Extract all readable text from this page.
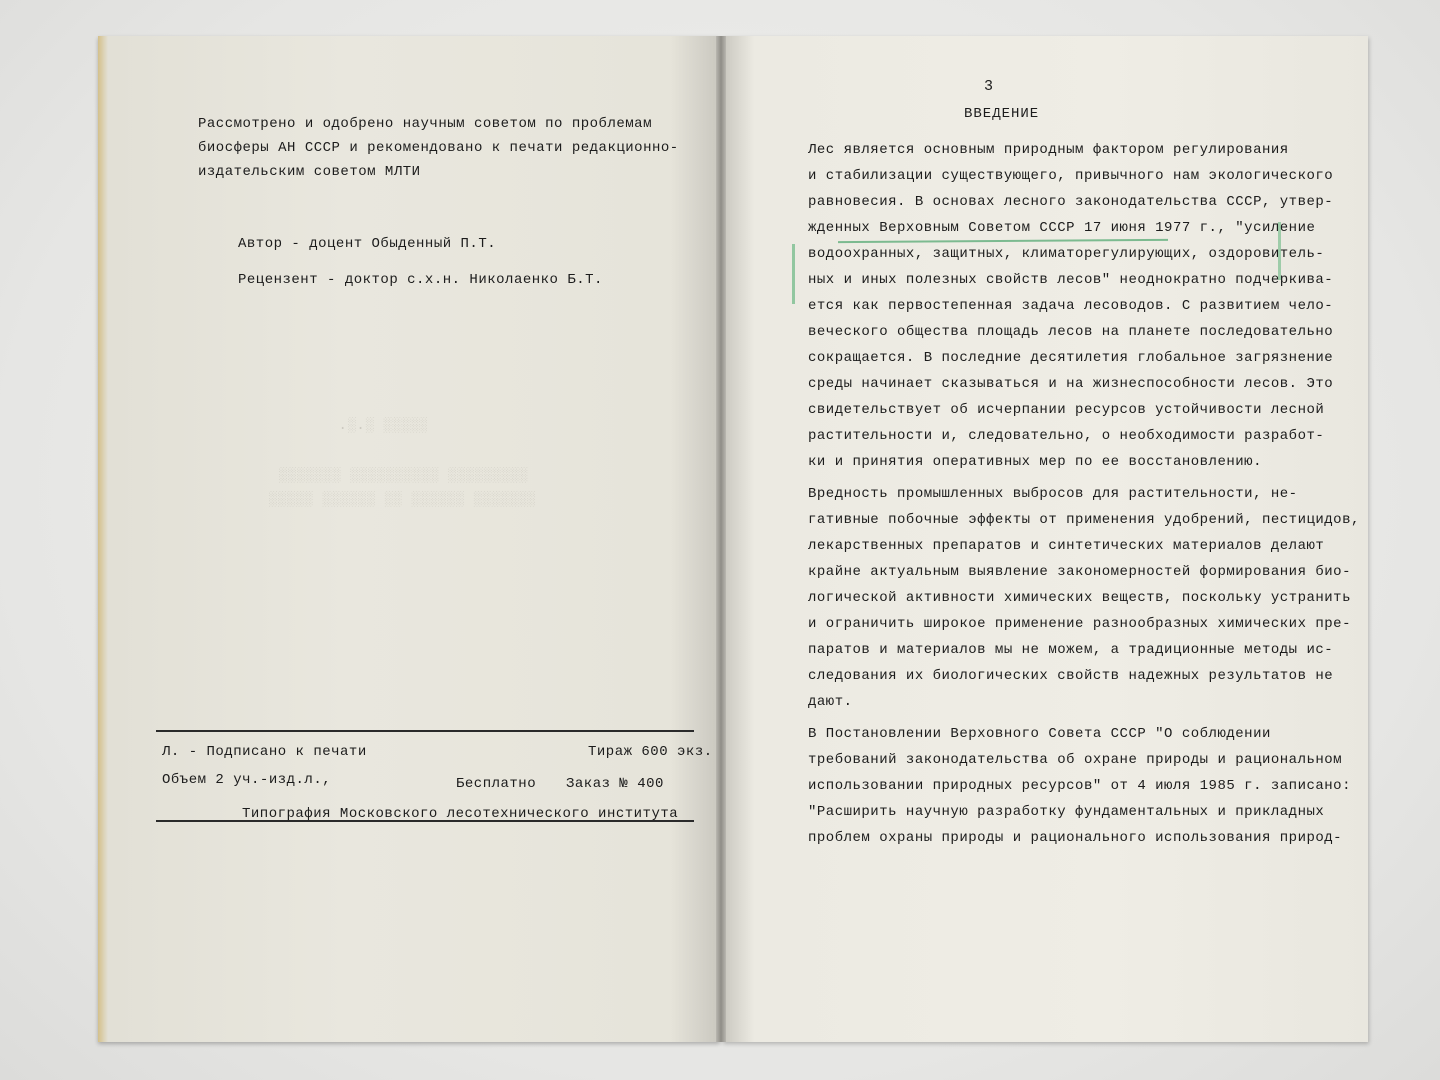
Рассмотрено и одобрено научным советом по проблемам
биосферы АН СССР и рекомендовано к печати редакционно-
издательским советом МЛТИ
Автор - доцент Обыденный П.Т.
Рецензент - доктор с.х.н. Николаенко Б.Т.
░░░░░ ░.░.
░░░░░░░░░ ░░░░░░░░░░ ░░░░░░░
░░░░░░░ ░░░░░░ ░░ ░░░░░░ ░░░░░
Л. - Подписано к печати	Тираж 600 экз.
Объем 2 уч.-изд.л.,	Бесплатно Заказ № 400
Типография Московского лесотехнического института
3
ВВЕДЕНИЕ
Лес является основным природным фактором регулирования
и стабилизации существующего, привычного нам экологического
равновесия. В основах лесного законодательства СССР, утвер-
жденных Верховным Советом СССР 17 июня 1977 г., "усиление
водоохранных, защитных, климаторегулирующих, оздоровитель-
ных и иных полезных свойств лесов" неоднократно подчеркива-
ется как первостепенная задача лесоводов. С развитием чело-
веческого общества площадь лесов на планете последовательно
сокращается. В последние десятилетия глобальное загрязнение
среды начинает сказываться и на жизнеспособности лесов. Это
свидетельствует об исчерпании ресурсов устойчивости лесной
растительности и, следовательно, о необходимости разработ-
ки и принятия оперативных мер по ее восстановлению.
Вредность промышленных выбросов для растительности, не-
гативные побочные эффекты от применения удобрений, пестицидов,
лекарственных препаратов и синтетических материалов делают
крайне актуальным выявление закономерностей формирования био-
логической активности химических веществ, поскольку устранить
и ограничить широкое применение разнообразных химических пре-
паратов и материалов мы не можем, а традиционные методы ис-
следования их биологических свойств надежных результатов не
дают.
В Постановлении Верховного Совета СССР "О соблюдении
требований законодательства об охране природы и рациональном
использовании природных ресурсов" от 4 июля 1985 г. записано:
"Расширить научную разработку фундаментальных и прикладных
проблем охраны природы и рационального использования природ-
